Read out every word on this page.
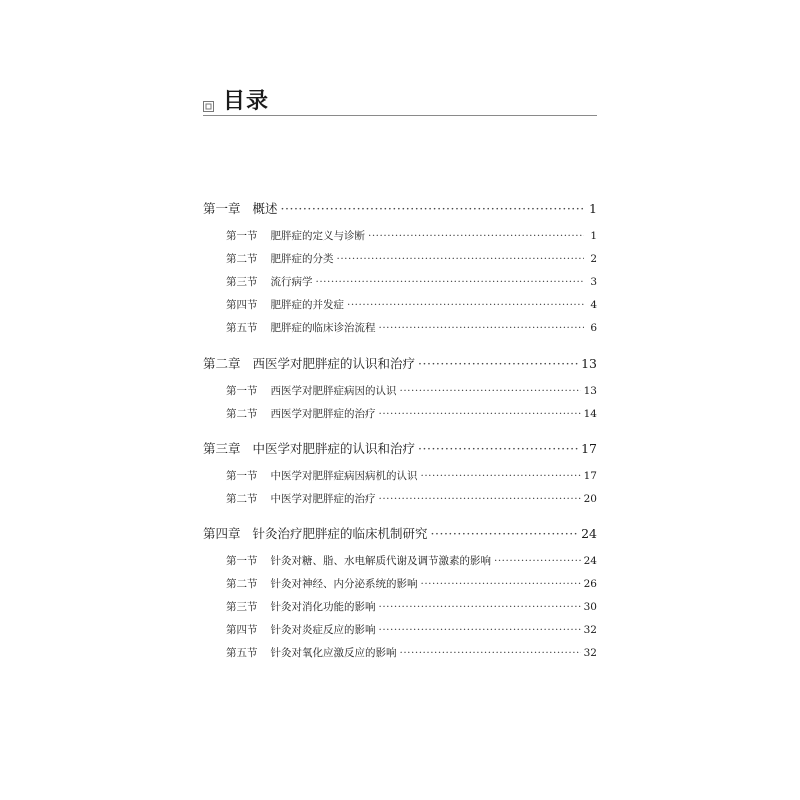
目录
第一章 概述 ·····	1
第一节 肥胖症的定义与诊断 ·····	1
第二节 肥胖症的分类 ·····	2
第三节 流行病学 ·····	3
第四节 肥胖症的并发症 ·····	4
第五节 肥胖症的临床诊治流程 ·····	6
第二章 西医学对肥胖症的认识和治疗 ·····	13
第一节 西医学对肥胖症病因的认识 ·····	13
第二节 西医学对肥胖症的治疗 ·····	14
第三章 中医学对肥胖症的认识和治疗 ·····	17
第一节 中医学对肥胖症病因病机的认识 ·····	17
第二节 中医学对肥胖症的治疗 ·····	20
第四章 针灸治疗肥胖症的临床机制研究 ·····	24
第一节 针灸对糖、脂、水电解质代谢及调节激素的影响 ·····	24
第二节 针灸对神经、内分泌系统的影响 ·····	26
第三节 针灸对消化功能的影响 ·····	30
第四节 针灸对炎症反应的影响 ·····	32
第五节 针灸对氧化应激反应的影响 ·····	32
